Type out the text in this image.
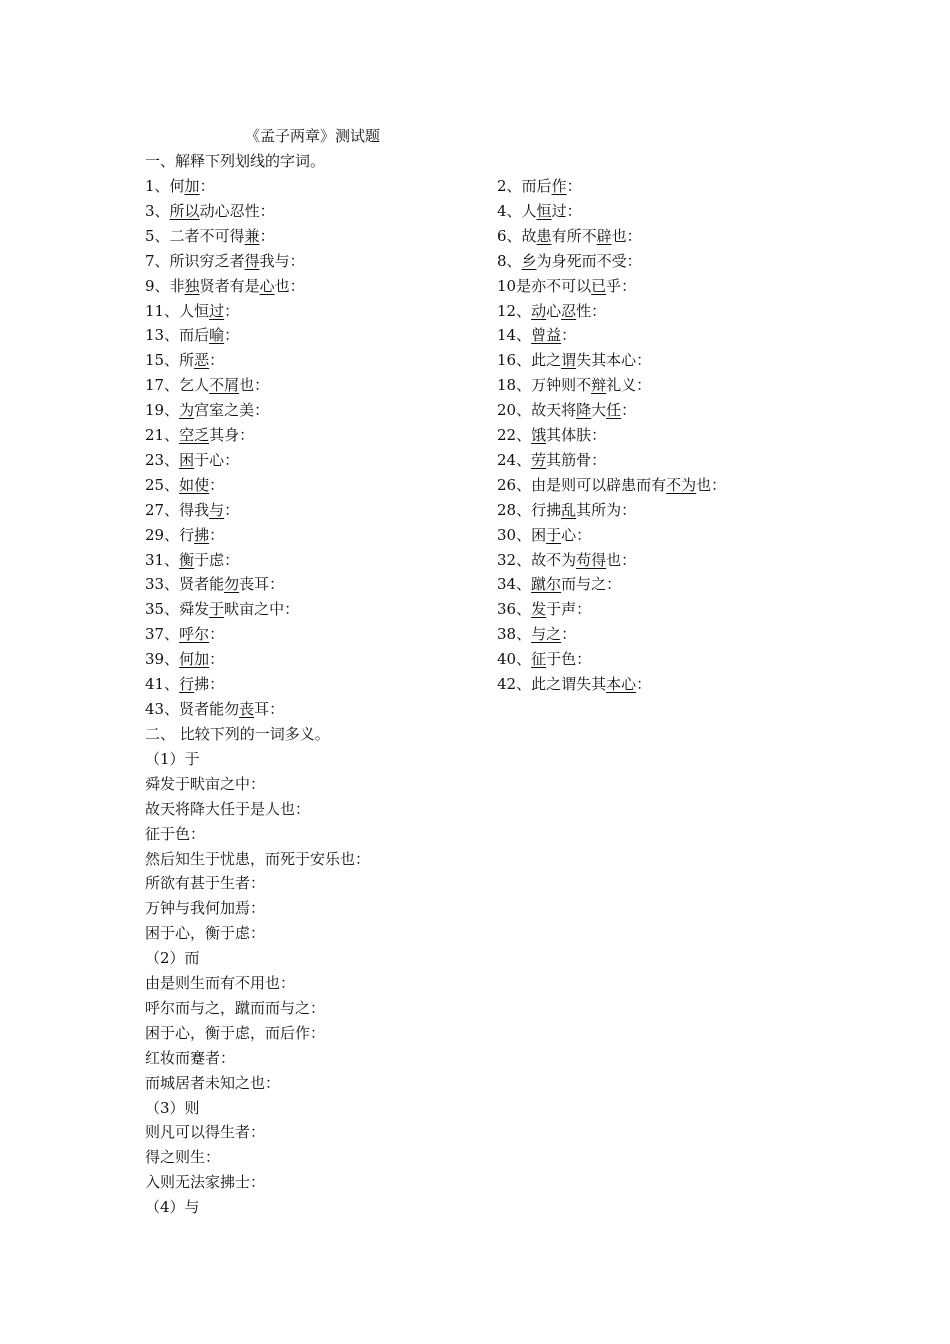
《孟子两章》测试题
一、解释下列划线的字词。
1、何加：	2、而后作：
3、所以动心忍性：	4、人恒过：
5、二者不可得兼：	6、故患有所不辟也：
7、所识穷乏者得我与：	8、乡为身死而不受：
9、非独贤者有是心也：	10是亦不可以已乎：
11、人恒过：	12、动心忍性：
13、而后喻：	14、曾益：
15、所恶：	16、此之谓失其本心：
17、乞人不屑也：	18、万钟则不辩礼义：
19、为宫室之美：	20、故天将降大任：
21、空乏其身：	22、饿其体肤：
23、困于心：	24、劳其筋骨：
25、如使：	26、由是则可以辟患而有不为也：
27、得我与：	28、行拂乱其所为：
29、行拂：	30、困于心：
31、衡于虑：	32、故不为苟得也：
33、贤者能勿丧耳：	34、蹴尔而与之：
35、舜发于畎亩之中：	36、发于声：
37、呼尔：	38、与之：
39、何加：	40、征于色：
41、行拂：	42、此之谓失其本心：
43、贤者能勿丧耳：
二、 比较下列的一词多义。
（1）于
舜发于畎亩之中：
故天将降大任于是人也：
征于色：
然后知生于忧患，而死于安乐也：
所欲有甚于生者：
万钟与我何加焉：
困于心，衡于虑：
（2）而
由是则生而有不用也：
呼尔而与之，蹴而而与之：
困于心，衡于虑，而后作：
红妆而蹇者：
而城居者未知之也：
（3）则
则凡可以得生者：
得之则生：
入则无法家拂士：
（4）与
